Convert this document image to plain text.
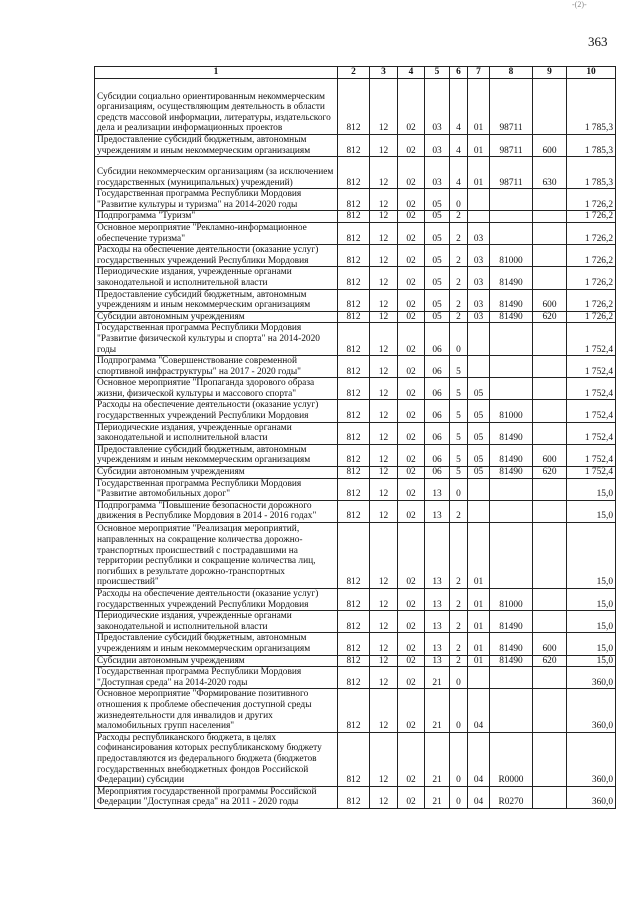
-(2)-
363
1	2	3	4	5	6	7	8	9	10
Субсидии социально ориентированным некоммерческим организациям, осуществляющим деятельность в области средств массовой информации, литературы, издательского дела и реализации информационных проектов	812	12	02	03	4	01	98711		1 785,3
Предоставление субсидий бюджетным, автономным учреждениям и иным некоммерческим организациям	812	12	02	03	4	01	98711	600	1 785,3
Субсидии некоммерческим организациям (за исключением государственных (муниципальных) учреждений)	812	12	02	03	4	01	98711	630	1 785,3
Государственная программа Республики Мордовия "Развитие культуры и туризма" на 2014-2020 годы	812	12	02	05	0				1 726,2
Подпрограмма "Туризм"	812	12	02	05	2				1 726,2
Основное мероприятие "Рекламно-информационное обеспечение туризма"	812	12	02	05	2	03			1 726,2
Расходы на обеспечение деятельности (оказание услуг) государственных учреждений Республики Мордовия	812	12	02	05	2	03	81000		1 726,2
Периодические издания, учрежденные органами законодательной и исполнительной власти	812	12	02	05	2	03	81490		1 726,2
Предоставление субсидий бюджетным, автономным учреждениям и иным некоммерческим организациям	812	12	02	05	2	03	81490	600	1 726,2
Субсидии автономным учреждениям	812	12	02	05	2	03	81490	620	1 726,2
Государственная программа Республики Мордовия "Развитие физической культуры и спорта" на 2014-2020 годы	812	12	02	06	0				1 752,4
Подпрограмма "Совершенствование современной спортивной инфраструктуры" на 2017 - 2020 годы"	812	12	02	06	5				1 752,4
Основное мероприятие "Пропаганда здорового образа жизни, физической культуры и массового спорта"	812	12	02	06	5	05			1 752,4
Расходы на обеспечение деятельности (оказание услуг) государственных учреждений Республики Мордовия	812	12	02	06	5	05	81000		1 752,4
Периодические издания, учрежденные органами законодательной и исполнительной власти	812	12	02	06	5	05	81490		1 752,4
Предоставление субсидий бюджетным, автономным учреждениям и иным некоммерческим организациям	812	12	02	06	5	05	81490	600	1 752,4
Субсидии автономным учреждениям	812	12	02	06	5	05	81490	620	1 752,4
Государственная программа Республики Мордовия "Развитие автомобильных дорог"	812	12	02	13	0				15,0
Подпрограмма "Повышение безопасности дорожного движения в Республике Мордовия в 2014 - 2016 годах"	812	12	02	13	2				15,0
Основное мероприятие "Реализация мероприятий, направленных на сокращение количества дорожно-транспортных происшествий с пострадавшими на территории республики и сокращение количества лиц, погибших в результате дорожно-транспортных происшествий"	812	12	02	13	2	01			15,0
Расходы на обеспечение деятельности (оказание услуг) государственных учреждений Республики Мордовия	812	12	02	13	2	01	81000		15,0
Периодические издания, учрежденные органами законодательной и исполнительной власти	812	12	02	13	2	01	81490		15,0
Предоставление субсидий бюджетным, автономным учреждениям и иным некоммерческим организациям	812	12	02	13	2	01	81490	600	15,0
Субсидии автономным учреждениям	812	12	02	13	2	01	81490	620	15,0
Государственная программа Республики Мордовия "Доступная среда" на 2014-2020 годы	812	12	02	21	0				360,0
Основное мероприятие "Формирование позитивного отношения к проблеме обеспечения доступной среды жизнедеятельности для инвалидов и других маломобильных групп населения"	812	12	02	21	0	04			360,0
Расходы республиканского бюджета, в целях софинансирования которых республиканскому бюджету предоставляются из федерального бюджета (бюджетов государственных внебюджетных фондов Российской Федерации) субсидии	812	12	02	21	0	04	R0000		360,0
Мероприятия государственной программы Российской Федерации "Доступная среда" на 2011 - 2020 годы	812	12	02	21	0	04	R0270		360,0
